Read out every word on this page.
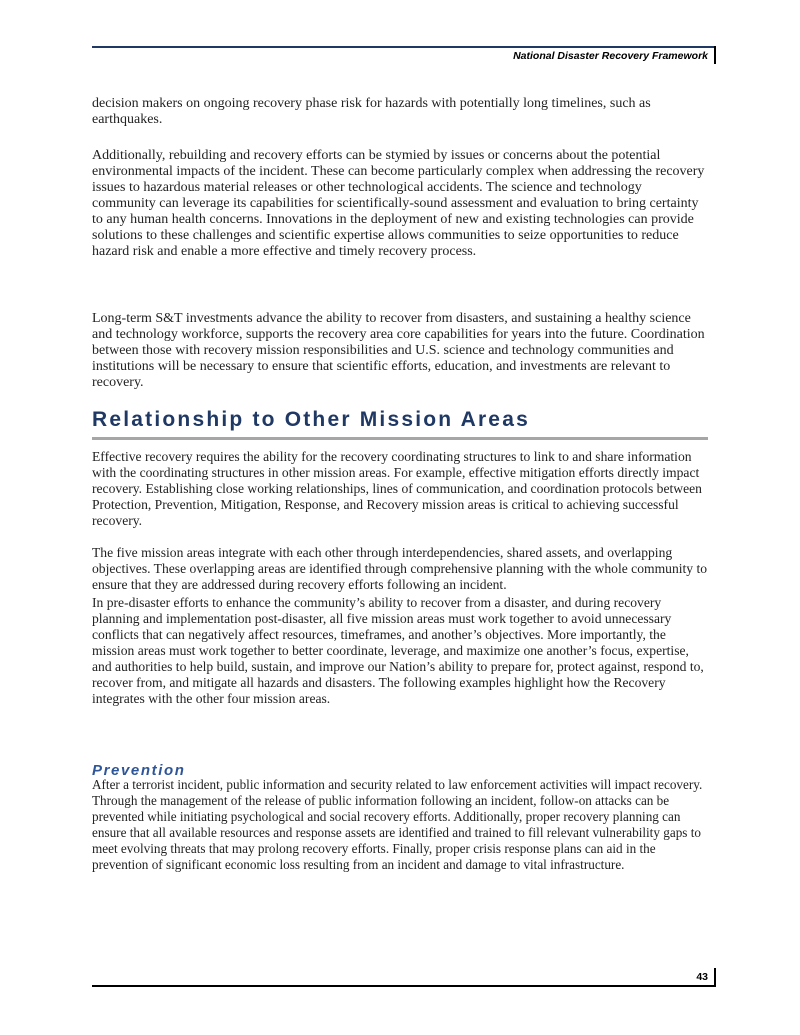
National Disaster Recovery Framework

decision makers on ongoing recovery phase risk for hazards with potentially long timelines, such as earthquakes.

Additionally, rebuilding and recovery efforts can be stymied by issues or concerns about the potential environmental impacts of the incident. These can become particularly complex when addressing the recovery issues to hazardous material releases or other technological accidents. The science and technology community can leverage its capabilities for scientifically-sound assessment and evaluation to bring certainty to any human health concerns. Innovations in the deployment of new and existing technologies can provide solutions to these challenges and scientific expertise allows communities to seize opportunities to reduce hazard risk and enable a more effective and timely recovery process.

Long-term S&T investments advance the ability to recover from disasters, and sustaining a healthy science and technology workforce, supports the recovery area core capabilities for years into the future. Coordination between those with recovery mission responsibilities and U.S. science and technology communities and institutions will be necessary to ensure that scientific efforts, education, and investments are relevant to recovery.

Relationship to Other Mission Areas

Effective recovery requires the ability for the recovery coordinating structures to link to and share information with the coordinating structures in other mission areas. For example, effective mitigation efforts directly impact recovery. Establishing close working relationships, lines of communication, and coordination protocols between Protection, Prevention, Mitigation, Response, and Recovery mission areas is critical to achieving successful recovery.

The five mission areas integrate with each other through interdependencies, shared assets, and overlapping objectives. These overlapping areas are identified through comprehensive planning with the whole community to ensure that they are addressed during recovery efforts following an incident.

In pre-disaster efforts to enhance the community’s ability to recover from a disaster, and during recovery planning and implementation post-disaster, all five mission areas must work together to avoid unnecessary conflicts that can negatively affect resources, timeframes, and another’s objectives. More importantly, the mission areas must work together to better coordinate, leverage, and maximize one another’s focus, expertise, and authorities to help build, sustain, and improve our Nation’s ability to prepare for, protect against, respond to, recover from, and mitigate all hazards and disasters. The following examples highlight how the Recovery integrates with the other four mission areas.

Prevention

After a terrorist incident, public information and security related to law enforcement activities will impact recovery. Through the management of the release of public information following an incident, follow-on attacks can be prevented while initiating psychological and social recovery efforts. Additionally, proper recovery planning can ensure that all available resources and response assets are identified and trained to fill relevant vulnerability gaps to meet evolving threats that may prolong recovery efforts. Finally, proper crisis response plans can aid in the prevention of significant economic loss resulting from an incident and damage to vital infrastructure.

43
